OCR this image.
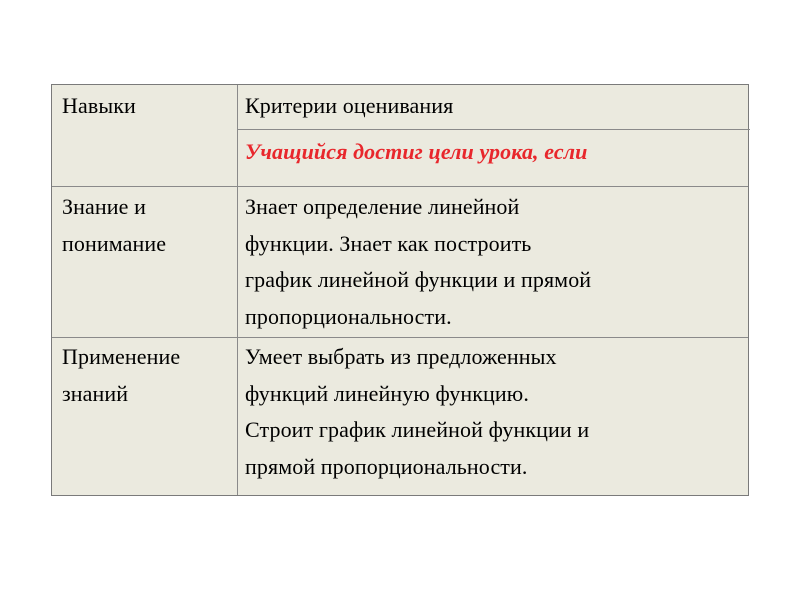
Навыки	Критерии оценивания
Учащийся достиг цели урока, если
Знание и
понимание
Знает определение линейной
функции. Знает как построить
график линейной функции и прямой
пропорциональности.
Применение
знаний
Умеет выбрать из предложенных
функций линейную функцию.
Строит график линейной функции и
прямой пропорциональности.
